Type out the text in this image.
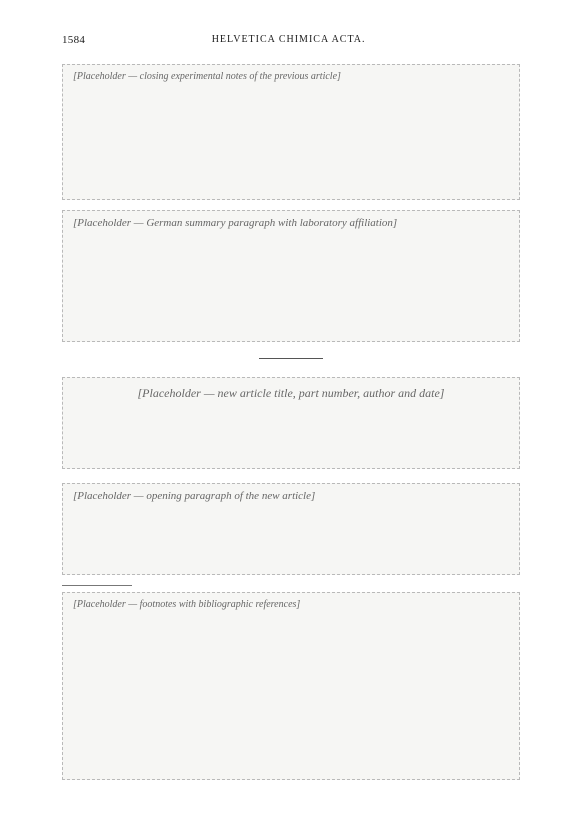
1584	HELVETICA CHIMICA ACTA.
[Placeholder — closing experimental notes of the previous article]
[Placeholder — German summary paragraph with laboratory affiliation]
[Placeholder — new article title, part number, author and date]
[Placeholder — opening paragraph of the new article]
[Placeholder — footnotes with bibliographic references]
